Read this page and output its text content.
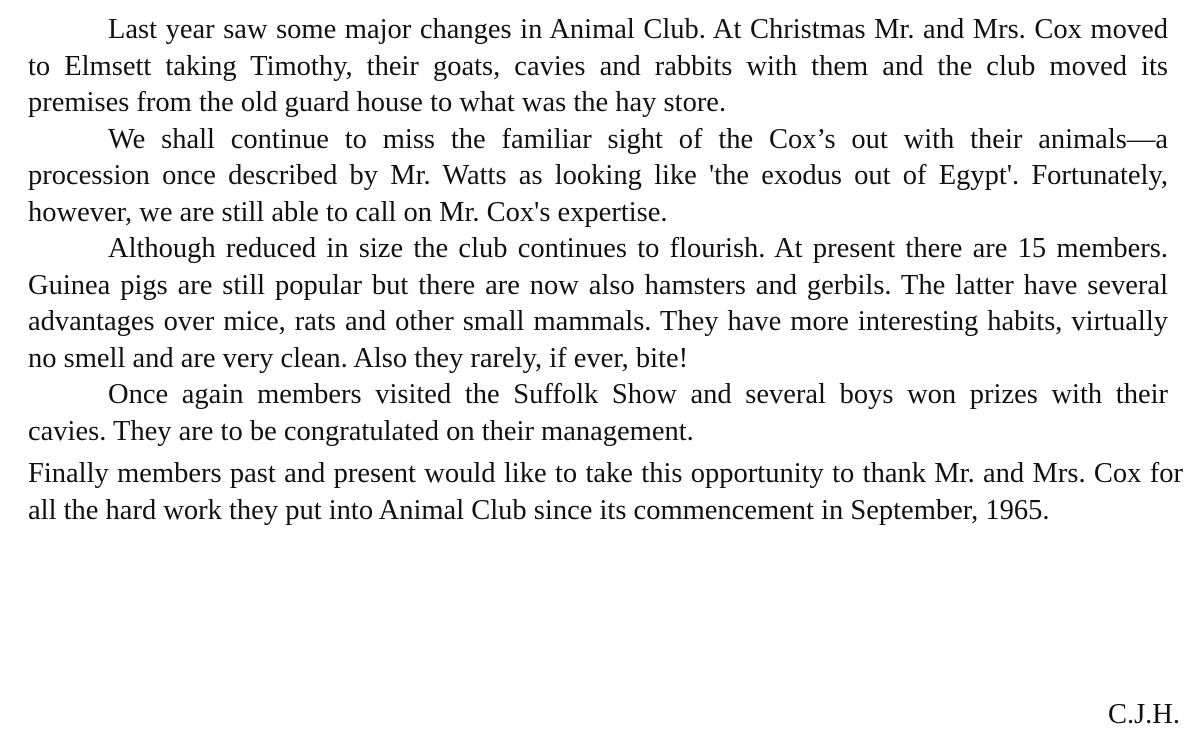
Last year saw some major changes in Animal Club. At Christmas Mr. and Mrs. Cox moved to Elmsett taking Timothy, their goats, cavies and rabbits with them and the club moved its premises from the old guard house to what was the hay store.

We shall continue to miss the familiar sight of the Cox’s out with their animals—a procession once described by Mr. Watts as looking like 'the exodus out of Egypt'. Fortunately, however, we are still able to call on Mr. Cox's expertise.

Although reduced in size the club continues to flourish. At present there are 15 members. Guinea pigs are still popular but there are now also hamsters and gerbils. The latter have several advantages over mice, rats and other small mammals. They have more interesting habits, virtually no smell and are very clean. Also they rarely, if ever, bite!

Once again members visited the Suffolk Show and several boys won prizes with their cavies. They are to be congratulated on their management.

Finally members past and present would like to take this opportunity to thank Mr. and Mrs. Cox for all the hard work they put into Animal Club since its commencement in September, 1965.

C.J.H.
